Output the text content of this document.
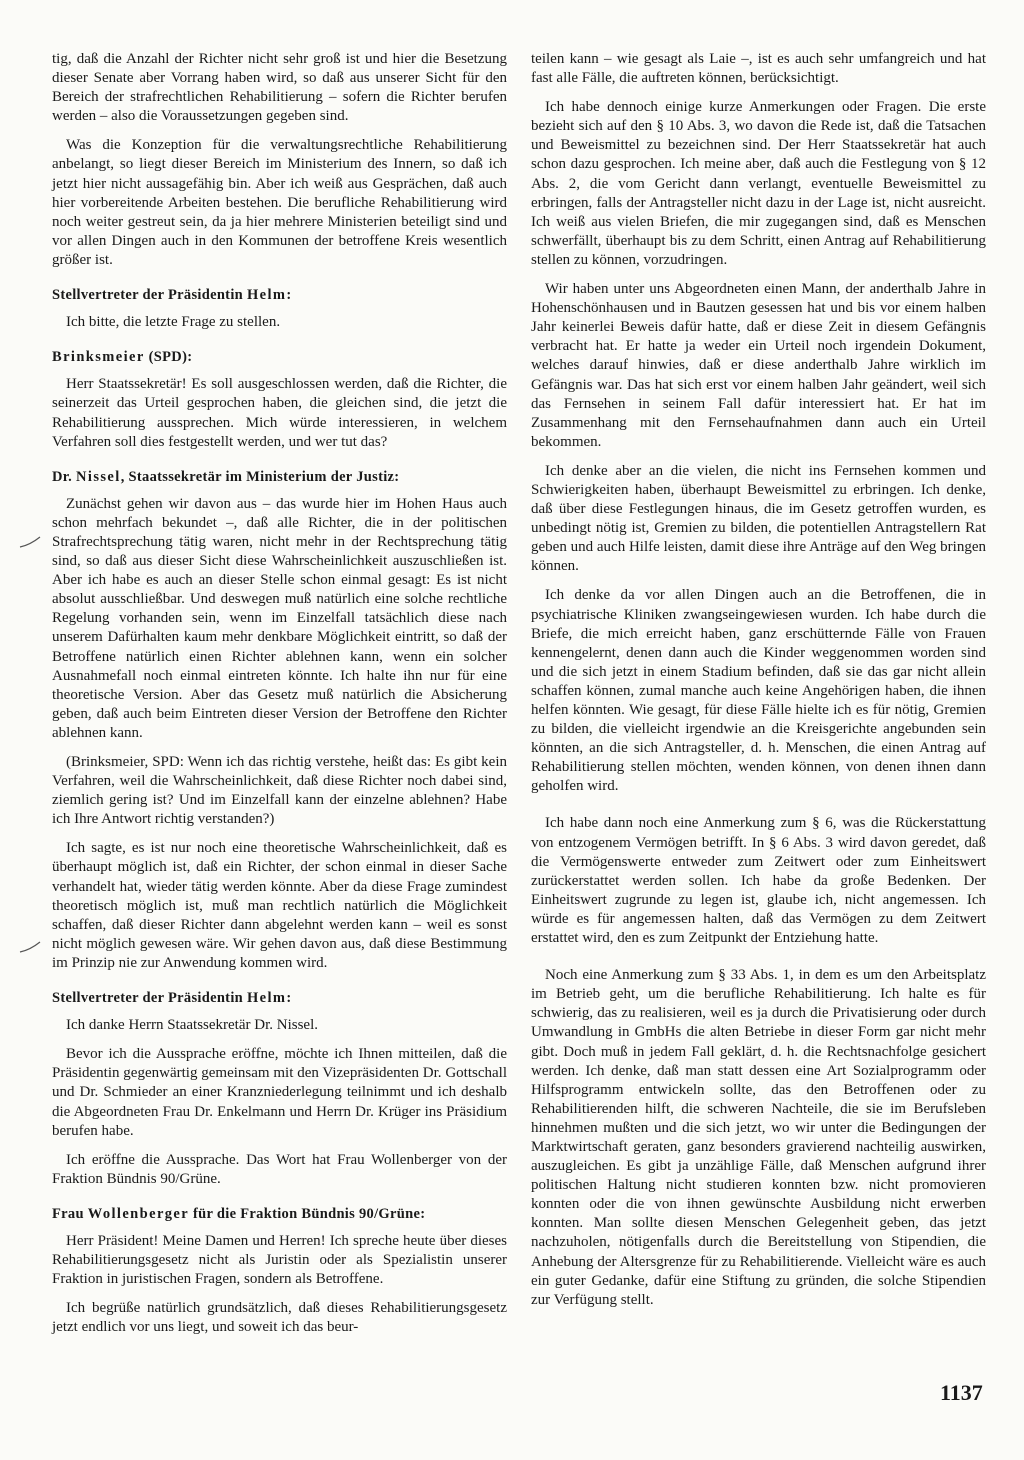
tig, daß die Anzahl der Richter nicht sehr groß ist und hier die Besetzung dieser Senate aber Vorrang haben wird, so daß aus unserer Sicht für den Bereich der strafrechtlichen Rehabilitierung – sofern die Richter berufen werden – also die Voraussetzungen gegeben sind.

Was die Konzeption für die verwaltungsrechtliche Rehabilitierung anbelangt, so liegt dieser Bereich im Ministerium des Innern, so daß ich jetzt hier nicht aussagefähig bin. Aber ich weiß aus Gesprächen, daß auch hier vorbereitende Arbeiten bestehen. Die berufliche Rehabilitierung wird noch weiter gestreut sein, da ja hier mehrere Ministerien beteiligt sind und vor allen Dingen auch in den Kommunen der betroffene Kreis wesentlich größer ist.

Stellvertreter der Präsidentin Helm:

Ich bitte, die letzte Frage zu stellen.

Brinksmeier (SPD):

Herr Staatssekretär! Es soll ausgeschlossen werden, daß die Richter, die seinerzeit das Urteil gesprochen haben, die gleichen sind, die jetzt die Rehabilitierung aussprechen. Mich würde interessieren, in welchem Verfahren soll dies festgestellt werden, und wer tut das?

Dr. Nissel, Staatssekretär im Ministerium der Justiz:

Zunächst gehen wir davon aus – das wurde hier im Hohen Haus auch schon mehrfach bekundet –, daß alle Richter, die in der politischen Strafrechtsprechung tätig waren, nicht mehr in der Rechtsprechung tätig sind, so daß aus dieser Sicht diese Wahrscheinlichkeit auszuschließen ist. Aber ich habe es auch an dieser Stelle schon einmal gesagt: Es ist nicht absolut ausschließbar. Und deswegen muß natürlich eine solche rechtliche Regelung vorhanden sein, wenn im Einzelfall tatsächlich diese nach unserem Dafürhalten kaum mehr denkbare Möglichkeit eintritt, so daß der Betroffene natürlich einen Richter ablehnen kann, wenn ein solcher Ausnahmefall noch einmal eintreten könnte. Ich halte ihn nur für eine theoretische Version. Aber das Gesetz muß natürlich die Absicherung geben, daß auch beim Eintreten dieser Version der Betroffene den Richter ablehnen kann.

(Brinksmeier, SPD: Wenn ich das richtig verstehe, heißt das: Es gibt kein Verfahren, weil die Wahrscheinlichkeit, daß diese Richter noch dabei sind, ziemlich gering ist? Und im Einzelfall kann der einzelne ablehnen? Habe ich Ihre Antwort richtig verstanden?)

Ich sagte, es ist nur noch eine theoretische Wahrscheinlichkeit, daß es überhaupt möglich ist, daß ein Richter, der schon einmal in dieser Sache verhandelt hat, wieder tätig werden könnte. Aber da diese Frage zumindest theoretisch möglich ist, muß man rechtlich natürlich die Möglichkeit schaffen, daß dieser Richter dann abgelehnt werden kann – weil es sonst nicht möglich gewesen wäre. Wir gehen davon aus, daß diese Bestimmung im Prinzip nie zur Anwendung kommen wird.

Stellvertreter der Präsidentin Helm:

Ich danke Herrn Staatssekretär Dr. Nissel.

Bevor ich die Aussprache eröffne, möchte ich Ihnen mitteilen, daß die Präsidentin gegenwärtig gemeinsam mit den Vizepräsidenten Dr. Gottschall und Dr. Schmieder an einer Kranzniederlegung teilnimmt und ich deshalb die Abgeordneten Frau Dr. Enkelmann und Herrn Dr. Krüger ins Präsidium berufen habe.

Ich eröffne die Aussprache. Das Wort hat Frau Wollenberger von der Fraktion Bündnis 90/Grüne.

Frau Wollenberger für die Fraktion Bündnis 90/Grüne:

Herr Präsident! Meine Damen und Herren! Ich spreche heute über dieses Rehabilitierungsgesetz nicht als Juristin oder als Spezialistin unserer Fraktion in juristischen Fragen, sondern als Betroffene.

Ich begrüße natürlich grundsätzlich, daß dieses Rehabilitierungsgesetz jetzt endlich vor uns liegt, und soweit ich das beur-

teilen kann – wie gesagt als Laie –, ist es auch sehr umfangreich und hat fast alle Fälle, die auftreten können, berücksichtigt.

Ich habe dennoch einige kurze Anmerkungen oder Fragen. Die erste bezieht sich auf den § 10 Abs. 3, wo davon die Rede ist, daß die Tatsachen und Beweismittel zu bezeichnen sind. Der Herr Staatssekretär hat auch schon dazu gesprochen. Ich meine aber, daß auch die Festlegung von § 12 Abs. 2, die vom Gericht dann verlangt, eventuelle Beweismittel zu erbringen, falls der Antragsteller nicht dazu in der Lage ist, nicht ausreicht. Ich weiß aus vielen Briefen, die mir zugegangen sind, daß es Menschen schwerfällt, überhaupt bis zu dem Schritt, einen Antrag auf Rehabilitierung stellen zu können, vorzudringen.

Wir haben unter uns Abgeordneten einen Mann, der anderthalb Jahre in Hohenschönhausen und in Bautzen gesessen hat und bis vor einem halben Jahr keinerlei Beweis dafür hatte, daß er diese Zeit in diesem Gefängnis verbracht hat. Er hatte ja weder ein Urteil noch irgendein Dokument, welches darauf hinwies, daß er diese anderthalb Jahre wirklich im Gefängnis war. Das hat sich erst vor einem halben Jahr geändert, weil sich das Fernsehen in seinem Fall dafür interessiert hat. Er hat im Zusammenhang mit den Fernsehaufnahmen dann auch ein Urteil bekommen.

Ich denke aber an die vielen, die nicht ins Fernsehen kommen und Schwierigkeiten haben, überhaupt Beweismittel zu erbringen. Ich denke, daß über diese Festlegungen hinaus, die im Gesetz getroffen wurden, es unbedingt nötig ist, Gremien zu bilden, die potentiellen Antragstellern Rat geben und auch Hilfe leisten, damit diese ihre Anträge auf den Weg bringen können.

Ich denke da vor allen Dingen auch an die Betroffenen, die in psychiatrische Kliniken zwangseingewiesen wurden. Ich habe durch die Briefe, die mich erreicht haben, ganz erschütternde Fälle von Frauen kennengelernt, denen dann auch die Kinder weggenommen worden sind und die sich jetzt in einem Stadium befinden, daß sie das gar nicht allein schaffen können, zumal manche auch keine Angehörigen haben, die ihnen helfen könnten. Wie gesagt, für diese Fälle hielte ich es für nötig, Gremien zu bilden, die vielleicht irgendwie an die Kreisgerichte angebunden sein könnten, an die sich Antragsteller, d. h. Menschen, die einen Antrag auf Rehabilitierung stellen möchten, wenden können, von denen ihnen dann geholfen wird.

Ich habe dann noch eine Anmerkung zum § 6, was die Rückerstattung von entzogenem Vermögen betrifft. In § 6 Abs. 3 wird davon geredet, daß die Vermögenswerte entweder zum Zeitwert oder zum Einheitswert zurückerstattet werden sollen. Ich habe da große Bedenken. Der Einheitswert zugrunde zu legen ist, glaube ich, nicht angemessen. Ich würde es für angemessen halten, daß das Vermögen zu dem Zeitwert erstattet wird, den es zum Zeitpunkt der Entziehung hatte.

Noch eine Anmerkung zum § 33 Abs. 1, in dem es um den Arbeitsplatz im Betrieb geht, um die berufliche Rehabilitierung. Ich halte es für schwierig, das zu realisieren, weil es ja durch die Privatisierung oder durch Umwandlung in GmbHs die alten Betriebe in dieser Form gar nicht mehr gibt. Doch muß in jedem Fall geklärt, d. h. die Rechtsnachfolge gesichert werden. Ich denke, daß man statt dessen eine Art Sozialprogramm oder Hilfsprogramm entwickeln sollte, das den Betroffenen oder zu Rehabilitierenden hilft, die schweren Nachteile, die sie im Berufsleben hinnehmen mußten und die sich jetzt, wo wir unter die Bedingungen der Marktwirtschaft geraten, ganz besonders gravierend nachteilig auswirken, auszugleichen. Es gibt ja unzählige Fälle, daß Menschen aufgrund ihrer politischen Haltung nicht studieren konnten bzw. nicht promovieren konnten oder die von ihnen gewünschte Ausbildung nicht erwerben konnten. Man sollte diesen Menschen Gelegenheit geben, das jetzt nachzuholen, nötigenfalls durch die Bereitstellung von Stipendien, die Anhebung der Altersgrenze für zu Rehabilitierende. Vielleicht wäre es auch ein guter Gedanke, dafür eine Stiftung zu gründen, die solche Stipendien zur Verfügung stellt.

1137
